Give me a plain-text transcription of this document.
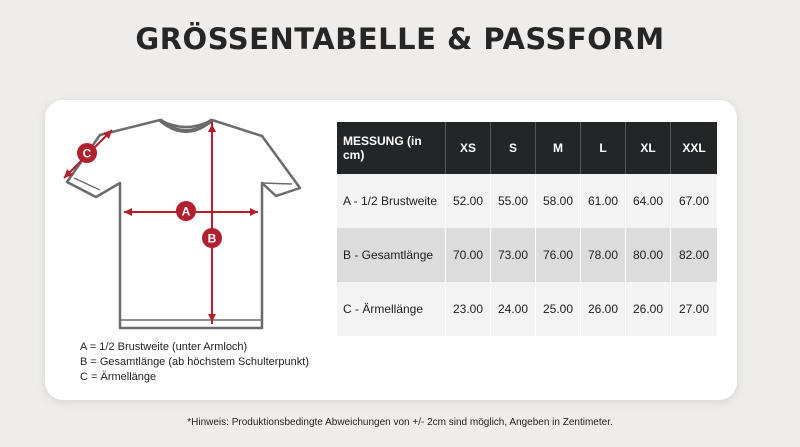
GRÖSSENTABELLE & PASSFORM
A
B
C
A = 1/2 Brustweite (unter Armloch)
B = Gesamtlänge (ab höchstem Schulterpunkt)
C = Ärmellänge
MESSUNG (in cm)	XS	S	M	L	XL	XXL
A - 1/2 Brustweite	52.00	55.00	58.00	61.00	64.00	67.00
B - Gesamtlänge	70.00	73.00	76.00	78.00	80.00	82.00
C - Ärmellänge	23.00	24.00	25.00	26.00	26.00	27.00
*Hinweis: Produktionsbedingte Abweichungen von +/- 2cm sind möglich, Angeben in Zentimeter.
